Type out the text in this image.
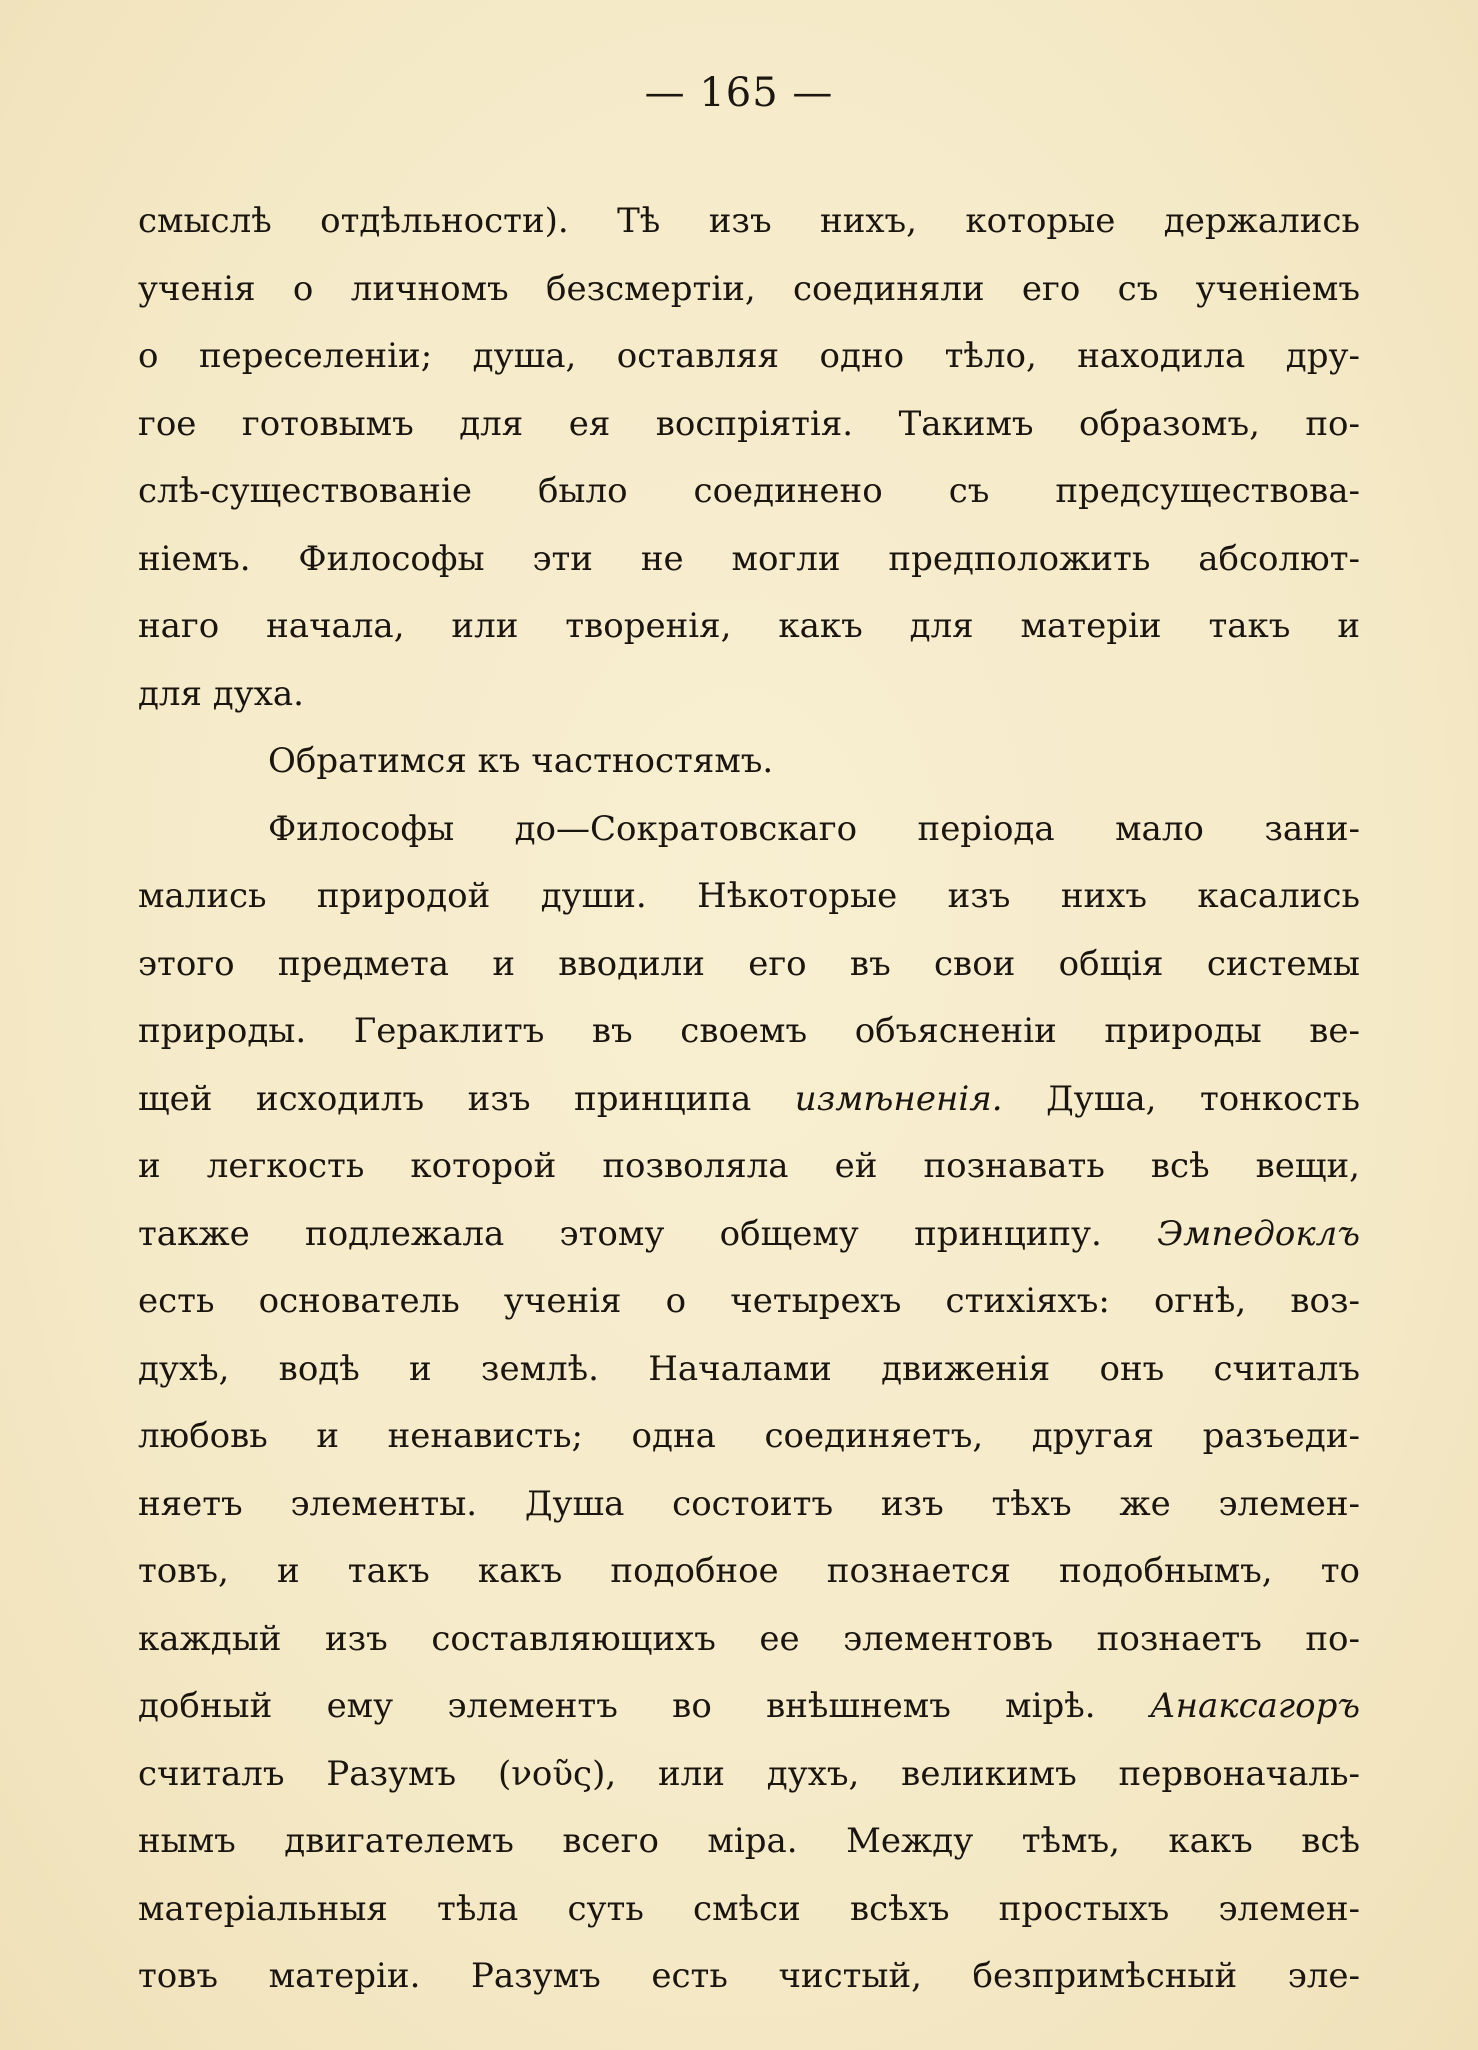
— 165 —
смыслѣ отдѣльности). Тѣ изъ нихъ, которые держались
ученія о личномъ безсмертіи, соединяли его съ ученіемъ
о переселеніи; душа, оставляя одно тѣло, находила дру-
гое готовымъ для ея воспріятія. Такимъ образомъ, по-
слѣ-существованіе было соединено съ предсуществова-
ніемъ. Философы эти не могли предположить абсолют-
наго начала, или творенія, какъ для матеріи такъ и
для духа.
Обратимся къ частностямъ.
Философы до—Сократовскаго періода мало зани-
мались природой души. Нѣкоторые изъ нихъ касались
этого предмета и вводили его въ свои общія системы
природы. Гераклитъ въ своемъ объясненіи природы ве-
щей исходилъ изъ принципа измѣненія. Душа, тонкость
и легкость которой позволяла ей познавать всѣ вещи,
также подлежала этому общему принципу. Эмпедоклъ
есть основатель ученія о четырехъ стихіяхъ: огнѣ, воз-
духѣ, водѣ и землѣ. Началами движенія онъ считалъ
любовь и ненависть; одна соединяетъ, другая разъеди-
няетъ элементы. Душа состоитъ изъ тѣхъ же элемен-
товъ, и такъ какъ подобное познается подобнымъ, то
каждый изъ составляющихъ ее элементовъ познаетъ по-
добный ему элементъ во внѣшнемъ мірѣ. Анаксагоръ
считалъ Разумъ (νοῦς), или духъ, великимъ первоначаль-
нымъ двигателемъ всего міра. Между тѣмъ, какъ всѣ
матеріальныя тѣла суть смѣси всѣхъ простыхъ элемен-
товъ матеріи. Разумъ есть чистый, безпримѣсный эле-
